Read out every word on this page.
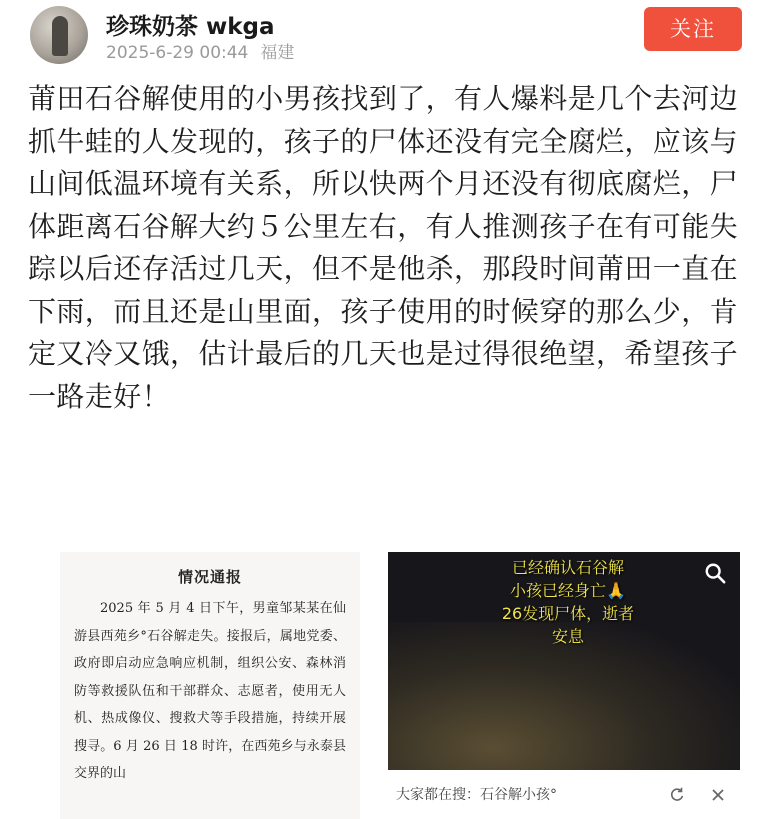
珍珠奶茶 wkga
2025-6-29 00:44 福建
关注
莆田石谷解使用的小男孩找到了，有人爆料是几个去河边抓牛蛙的人发现的，孩子的尸体还没有完全腐烂，应该与山间低温环境有关系，所以快两个月还没有彻底腐烂，尸体距离石谷解大约５公里左右，有人推测孩子在有可能失踪以后还存活过几天，但不是他杀，那段时间莆田一直在下雨，而且还是山里面，孩子使用的时候穿的那么少，肯定又冷又饿，估计最后的几天也是过得很绝望，希望孩子一路走好！
情况通报

2025 年 5 月 4 日下午，男童邹某某在仙游县西苑乡°石谷解走失。接报后，属地党委、政府即启动应急响应机制，组织公安、森林消防等救援队伍和干部群众、志愿者，使用无人机、热成像仪、搜救犬等手段措施，持续开展搜寻。6 月 26 日 18 时许，在西苑乡与永泰县交界的山

已经确认石谷解
小孩已经身亡🙏
26发现尸体，逝者
安息
大家都在搜：石谷解小孩°
